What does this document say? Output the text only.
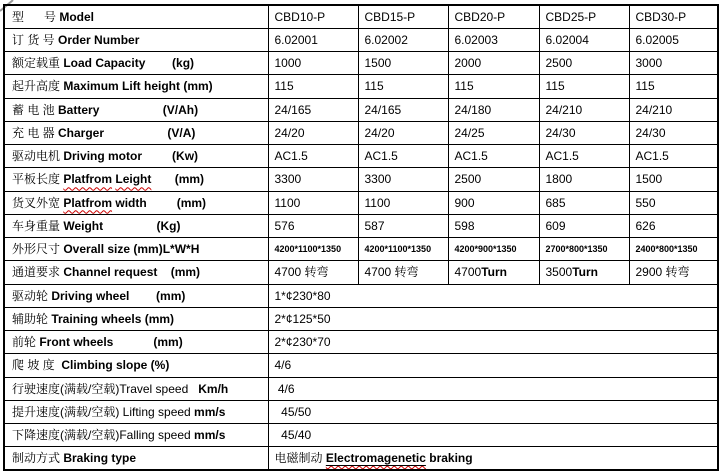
型      号 Model	CBD10-P	CBD15-P	CBD20-P	CBD25-P	CBD30-P
订 货 号 Order Number	6.02001	6.02002	6.02003	6.02004	6.02005
额定载重 Load Capacity (kg)	1000	1500	2000	2500	3000
起升高度 Maximum Lift height (mm)	115	115	115	115	115
蓄 电 池 Battery (V/Ah)	24/165	24/165	24/180	24/210	24/210
充 电 器 Charger (V/A)	24/20	24/20	24/25	24/30	24/30
驱动电机 Driving motor (Kw)	AC1.5	AC1.5	AC1.5	AC1.5	AC1.5
平板长度 Platfrom Leight (mm)	3300	3300	2500	1800	1500
货叉外宽 Platfrom width (mm)	1100	1100	900	685	550
车身重量 Weight (Kg)	576	587	598	609	626
外形尺寸 Overall size (mm)L*W*H	4200*1100*1350	4200*1100*1350	4200*900*1350	2700*800*1350	2400*800*1350
通道要求 Channel request (mm)	4700 转弯	4700 转弯	4700Turn	3500Turn	2900 转弯
驱动轮 Driving wheel (mm)	1*¢230*80				
辅助轮 Training wheels (mm)	2*¢125*50				
前轮 Front wheels (mm)	2*¢230*70				
爬 坡 度  Climbing slope (%)	4/6				
行驶速度(满载/空载)Travel speed   Km/h	4/6				
提升速度(满载/空载) Lifting speed mm/s	45/50				
下降速度(满载/空载)Falling speed mm/s	45/40				
制动方式 Braking type	电磁制动 Electromagenetic braking				
